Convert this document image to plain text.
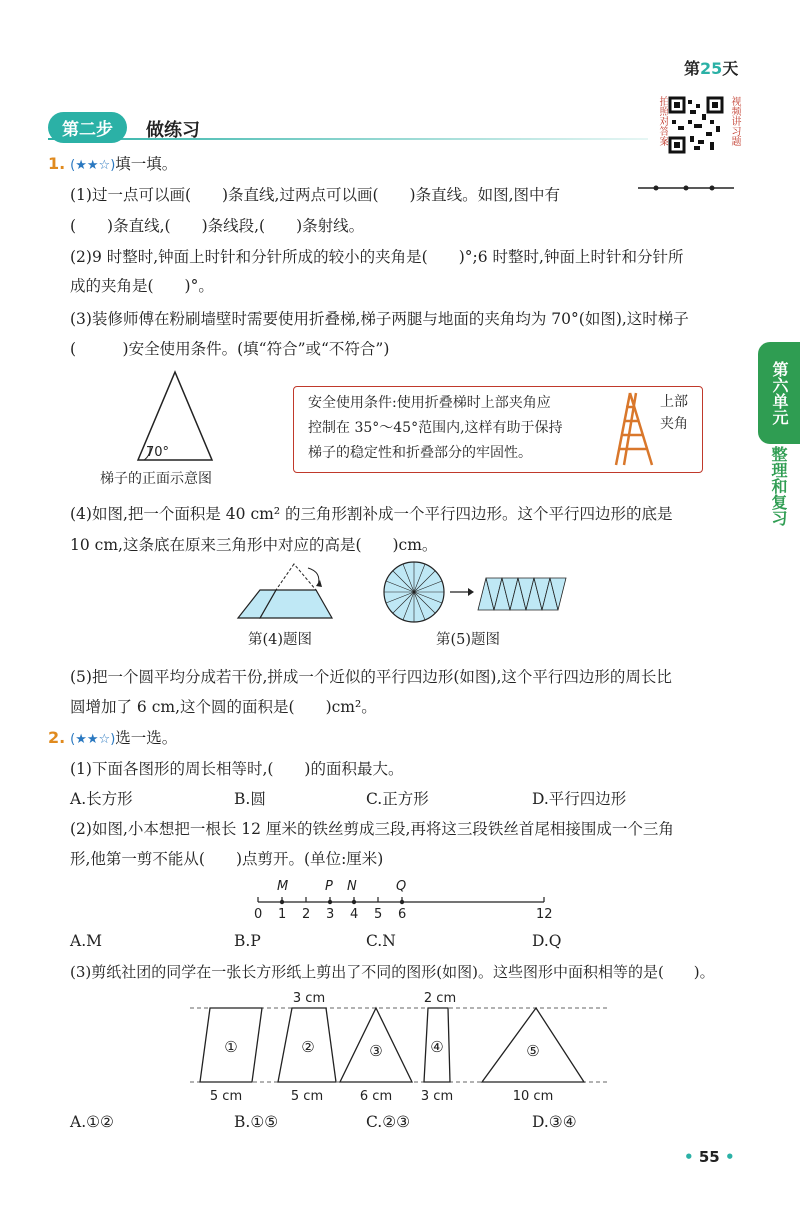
第25天
第二步	做练习	拍照对答案	视频讲习题
第六单元
整理和复习
1. (★★☆)填一填。
(1)过一点可以画(　　)条直线,过两点可以画(　　)条直线。如图,图中有
(　　)条直线,(　　)条线段,(　　)条射线。
(2)9 时整时,钟面上时针和分针所成的较小的夹角是(　　)°;6 时整时,钟面上时针和分针所
成的夹角是(　　)°。
(3)装修师傅在粉刷墙壁时需要使用折叠梯,梯子两腿与地面的夹角均为 70°(如图),这时梯子
(　　　)安全使用条件。(填“符合”或“不符合”)
70°
梯子的正面示意图
安全使用条件:使用折叠梯时上部夹角应
控制在 35°～45°范围内,这样有助于保持
梯子的稳定性和折叠部分的牢固性。
上部夹角
(4)如图,把一个面积是 40 cm² 的三角形割补成一个平行四边形。这个平行四边形的底是
10 cm,这条底在原来三角形中对应的高是(　　)cm。
第(4)题图	第(5)题图
(5)把一个圆平均分成若干份,拼成一个近似的平行四边形(如图),这个平行四边形的周长比
圆增加了 6 cm,这个圆的面积是(　　)cm²。
2. (★★☆)选一选。
(1)下面各图形的周长相等时,(　　)的面积最大。
A.长方形	B.圆	C.正方形	D.平行四边形
(2)如图,小本想把一根长 12 厘米的铁丝剪成三段,再将这三段铁丝首尾相接围成一个三角
形,他第一剪不能从(　　)点剪开。(单位:厘米)
M	P N	Q
0 1 2 3 4 5 6	12
A.M	B.P	C.N	D.Q
(3)剪纸社团的同学在一张长方形纸上剪出了不同的图形(如图)。这些图形中面积相等的是(　　)。
①	②	③	④	⑤
3 cm	2 cm
5 cm	5 cm	6 cm 3 cm	10 cm
A.①②	B.①⑤	C.②③	D.③④
• 55 •
